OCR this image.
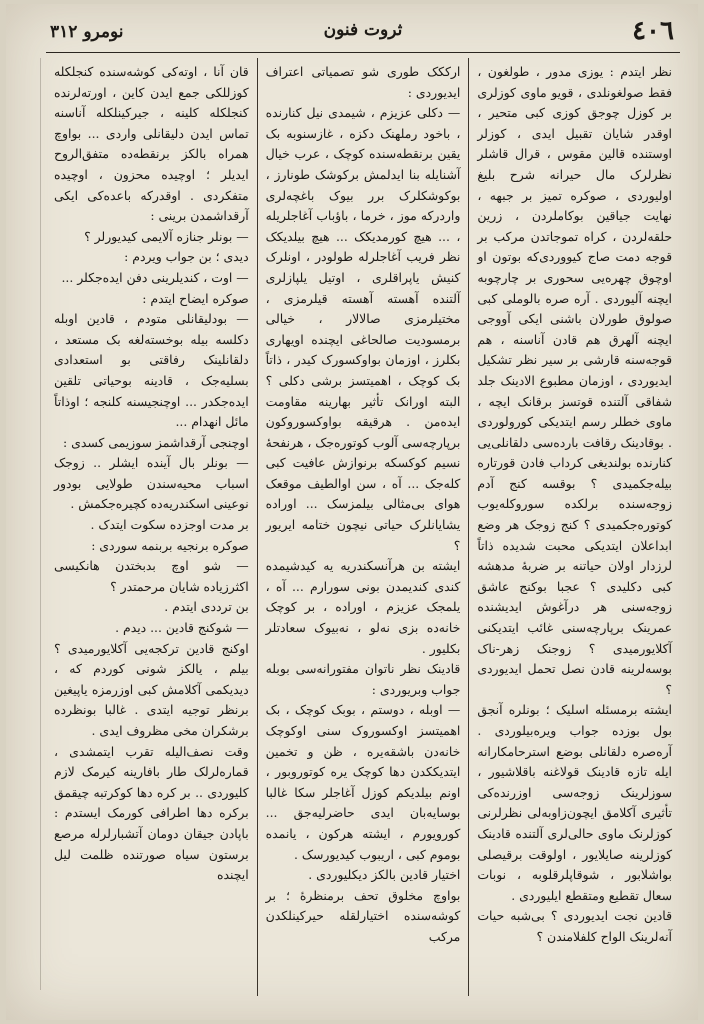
٤٠٦
ثروت فنون
نومرو ٣١٢

نظر ایتدم : یوزی مدور ، طولغون ، فقط صولغونلدی ، قویو ماوی کوزلری بر کوزل چوجق کوزی کبی متحیر ، اوقدر شایان تقبیل ایدی ، کوزلر اوستنده قالین مقوس ، قرال قاشلر نظرلرک مال حیرانه شرح بلیغ اولیوردی ، صوکره تمیز بر جبهه ، نهایت جیاقین بوکاملردن ، زرین حلقه‌لردن ، کراه تموجاتدن مرکب بر قوجه دمت صاج کیووردی‌که بوتون او اوچوق چهره‌یی سحوری بر چارچوبه ایچنه آلیوردی . آره صره بالوملی کبی صولوق طورلان باشنی ایکی آووجی ایچنه آلهرق هم قادن آناسنه ، هم قوجه‌سنه قارشی بر سیر نظر تشکیل ایدیوردی ، اوزمان مطبوع الادینک جلد شفاقی آلتنده قوتسز برقانک ایچه ، ماوی خطلر رسم ایتدیکی کورولوردی . بوقادینک رقافت بارده‌سی دلقانلی‌یی کنارنده بولندیغی کرداب فادن قورتاره بیله‌جکمیدی ؟ بوقسه کنج آدم زوجه‌سنده برلکده سوروکله‌یوب کوتوره‌جکمیدی ؟ کنج زوجک هر وضع ابداعلان ایتدیکی محبت شدیده ذاتاً لرزدار اولان حیاتنه بر ضربهٔ مدهشه کبی دکلیدی ؟ عجبا بوکنج عاشق زوجه‌سنی هر درآغوش ایدیشنده عمرینک برپارچه‌سنی غائب ایتدیکنی آکلایورمیدی ؟ زوجنک زهر-ناک بوسه‌لرینه قادن نصل تحمل ایدیوردی ؟

ایشته برمسئله اسلیک ؛ بونلره آنجق بول بوزده جواب ویره‌بیلوردی . آرەصره دلقانلی بوضع استرحامکارانه ایله تازه قادینک قولاغنه باقلاشیور ، سوزلرینک زوجه‌سی اوزرنده‌کی تأثیری آکلامق ایچون‌زاوبه‌لی نظرلرنی کوزلرنک ماوی حالی‌لری آلتنده قادینک کوزلرینه صایلایور ، اولوقت برقیصلی بواشلابور ، شوقاپلرقلوبه ، نوبات سعال تقطیع ومتقطع ایلیوردی .

قادین نجت ایدیوردی ؟ بی‌شبه حیات آنەلرینک الواح کلفلامندن ؟

ارککک طوری شو تصمیاتی اعتراف ایدیوردی :

— دکلی عزیزم ، شیمدی نیل کنارنده ، باخود رملهنک دکزه ، غازسنوبه بک یقین برنقطه‌سنده کوچک ، عرب خیال آشنایله بنا ایدلمش برکوشک طونارز ، بوکوشکلرک برر بیوک باغچه‌لری واردرکه موز ، خرما ، باؤباب آغاجلریله ، ... هیچ کورمدیکک ... هیچ بیلدیکک نظر فریب آغاجلرله طولودر ، اونلرک کنیش یاپراقلری ، اوتیل یلپازلری آلتنده آهسته آهسته قیلرمزی ، مختیلرمزی صالالار ، خیالی برمسودیت صالحاغی ایچنده اویهاری بکلرز ، اوزمان بواوکسورک کیدر ، ذاتاً بک کوچک ، اهمیتسز برشی دکلی ؟ البته اورانک تأثیر بهارینه مقاومت ایده‌من . هرقیقه بواوکسوروکون برپارچه‌سی آلوب کوتوره‌جک ، هرنفحهٔ نسیم کوکسکه برنوازش عافیت کبی کله‌جک ... آه ، سن اوالطیف موقعک هوای بی‌مثالی بیلمزسک ... اوراده یشایانلرک حیاتی نیچون ختامه ایریور ؟

ایشته بن هرآنسکندریه یه کیدشیمده کندی کندیمدن بونی سورارم ... آه ، یلمجک عزیزم ، اوراده ، بر کوچک خانه‌ده بزی نەلو ، نه‌بیوک سعادتلر بکلیور .

قادینک نظر ناتوان مفتورانه‌سی بوبله جواب وبریوردی :

— اوبله ، دوستم ، بوبک کوچک ، بک اهمیتسز اوکسوروک سنی اوکوچک خانه‌دن باشقه‌یره ، ظن و تخمین ایتدیککدن دها کوچک یره کوتوروبور ، اونم بیلدیکم کوزل آغاجلر سکا غالبا بوسایه‌بان ایدی حاضرلیه‌جق ... کورویورم ، ایشته هرکون ، یانمده بوموم کبی ، اریبوب کیدیورسک .

اختیار قادین بالکز دیکلیوردی .

بواوچ مخلوق تحف برمنظرهٔ ؛ بر کوشه‌سنده اختیارلقله حیرکینلکدن مرکب

قان آنا ، اوتەکی کوشه‌سنده کنجلکله کوزللکی جمع ایدن کاین ، اورتەلرنده کنجلکله کلینه ، جیرکینلکله آناسنه تماس ایدن دلیقانلی واردی ... بواوچ همراه بالکز برنقطه‌ده متفق‌الروح ایدیلر ؛ اوچیده محزون ، اوچیده متفکردی . اوقدرکه باعده‌کی ایکی آرقداشمدن برینی :

— بونلر جنازه آلایمی کیدیورلر ؟

دیدی ؛ بن جواب ویردم :

— اوت ، کندیلرینی دفن ایده‌جکلر ...

صوکره ایضاح ایتدم :

— بودلیقانلی متودم ، قادین اوبله دکلسه بیله بوخسته‌لغه بک مستعد ، دلقانلینک رفاقتی بو استعدادی بسلیه‌جک ، قادینه بوحیاتی تلقین ایده‌جکدر ... اوچنجیسنه کلنجه ؛ اوذاتاً مائل انهدام ...

اوچنجی آرقداشمز سوزیمی کسدی :

— بونلر بال آینده ایشلر .. زوجک اسباب محیه‌سندن طولایی بودور نوعینی اسکندریه‌ده کچیره‌جکمش .

بر مدت اوجزده سکوت ایتدک .

صوکره برنجیه بربنمه سوردی :

— شو اوچ بدبختدن هانکیسی اکثرزیاده شایان مرحمتدر ؟

بن ترددی ایتدم .

— شوکنج قادین ... دیدم .

اوکنج قادین ترکجه‌یی آکلایورمیدی ؟ بیلم ، یالکز شونی کوردم که ، دیدیکمی آکلامش کبی اوزرمزه یاپیغین برنظر توجیه ایتدی . غالبا بونظرده برشکران مخی مظروف ایدی .

وقت نصف‌الیله تقرب ایتمشدی ، قمارەلرلک طار بافارینه کیرمک لازم کلیوردی .. بر کره دها کوکرتبه چیقمق برکره دها اطرافی کورمک ایستدم : باپادن جیقان دومان آتشبارلرله مرصع برستون سیاه صورتنده ظلمت لیل ایچنده
